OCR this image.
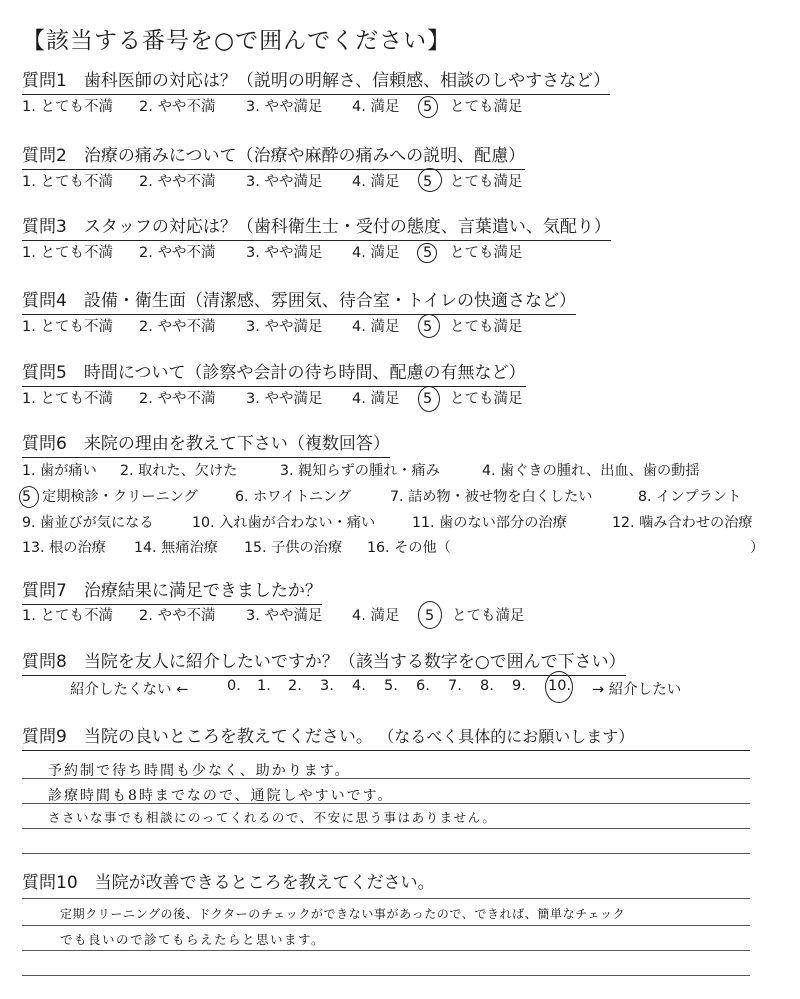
【該当する番号を○で囲んでください】
質問1　 歯科医師の対応は？（説明の明解さ、信頼感、相談のしやすさなど）
1. とても不満 2. やや不満 3. やや満足 4. 満足 5 とても満足
質問2　 治療の痛みについて（治療や麻酔の痛みへの説明、配慮）
1. とても不満 2. やや不満 3. やや満足 4. 満足 5 とても満足
質問3　 スタッフの対応は？（歯科衛生士・受付の態度、言葉遣い、気配り）
1. とても不満 2. やや不満 3. やや満足 4. 満足 5 とても満足
質問4　 設備・衛生面（清潔感、雰囲気、待合室・トイレの快適さなど）
1. とても不満 2. やや不満 3. やや満足 4. 満足 5 とても満足
質問5　 時間について（診察や会計の待ち時間、配慮の有無など）
1. とても不満 2. やや不満 3. やや満足 4. 満足 5 とても満足
質問6　 来院の理由を教えて下さい（複数回答）
1. 歯が痛い 2. 取れた、欠けた	3. 親知らずの腫れ・痛み	4. 歯ぐきの腫れ、出血、歯の動揺
5 定期検診・クリーニング	6. ホワイトニング	7. 詰め物・被せ物を白くしたい	8. インプラント
9. 歯並びが気になる	10. 入れ歯が合わない・痛い	11. 歯のない部分の治療	12. 噛み合わせの治療
13. 根の治療 14. 無痛治療 15. 子供の治療 16. その他（	）
質問7　 治療結果に満足できましたか？
1. とても不満 2. やや不満 3. やや満足 4. 満足 5 とても満足
質問8　 当院を友人に紹介したいですか？（該当する数字を○で囲んで下さい）
紹介したくない ←	0. 1. 2. 3. 4. 5. 6. 7. 8. 9. 10. → 紹介したい
質問9　 当院の良いところを教えてください。 （なるべく具体的にお願いします）
予約制で待ち時間も少なく、助かります。
診療時間も8時までなので、通院しやすいです。
ささいな事でも相談にのってくれるので、不安に思う事はありません。
質問10　 当院が改善できるところを教えてください。
定期クリーニングの後、ドクターのチェックができない事があったので、できれば、簡単なチェック
でも良いので診てもらえたらと思います。
